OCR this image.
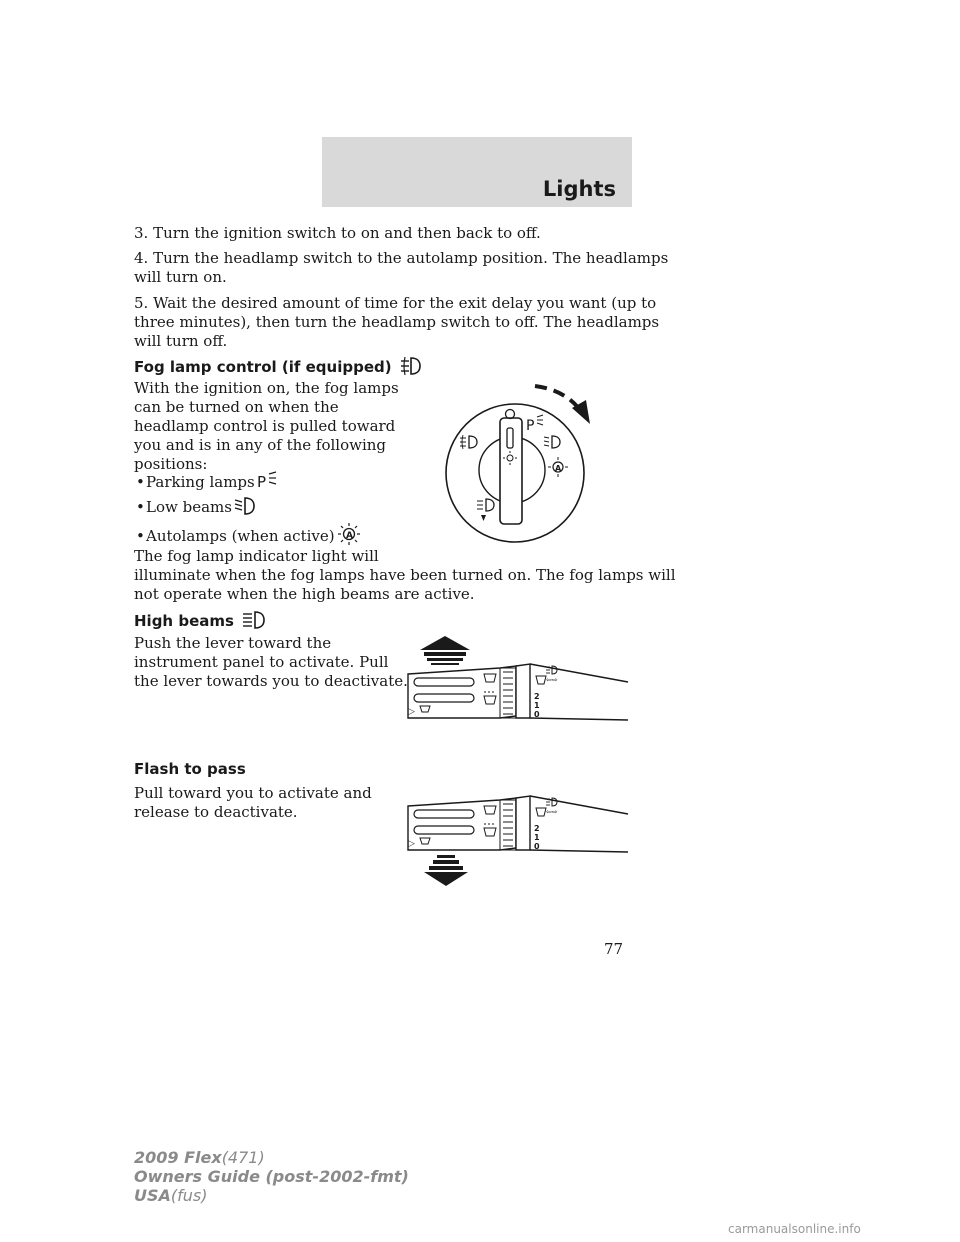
Lights

3. Turn the ignition switch to on and then back to off.

4. Turn the headlamp switch to the autolamp position. The headlamps

will turn on.

5. Wait the desired amount of time for the exit delay you want (up to

three minutes), then turn the headlamp switch to off. The headlamps

will turn off.

Fog lamp control (if equipped)

With the ignition on, the fog lamps

can be turned on when the

headlamp control is pulled toward

you and is in any of the following

positions:

•Parking lamps P
•Low beams
•Autolamps (when active) A

The fog lamp indicator light will

illuminate when the fog lamps have been turned on. The fog lamps will

not operate when the high beams are active.

P
A
High beams

Push the lever toward the

instrument panel to activate. Pull

the lever towards you to deactivate.

▷
2
1
0
⇦⇨
Flash to pass

Pull toward you to activate and

release to deactivate.

▷
2
1
0
⇦⇨
77
2009 Flex(471)
Owners Guide (post-2002-fmt)
USA(fus)
carmanualsonline.info
